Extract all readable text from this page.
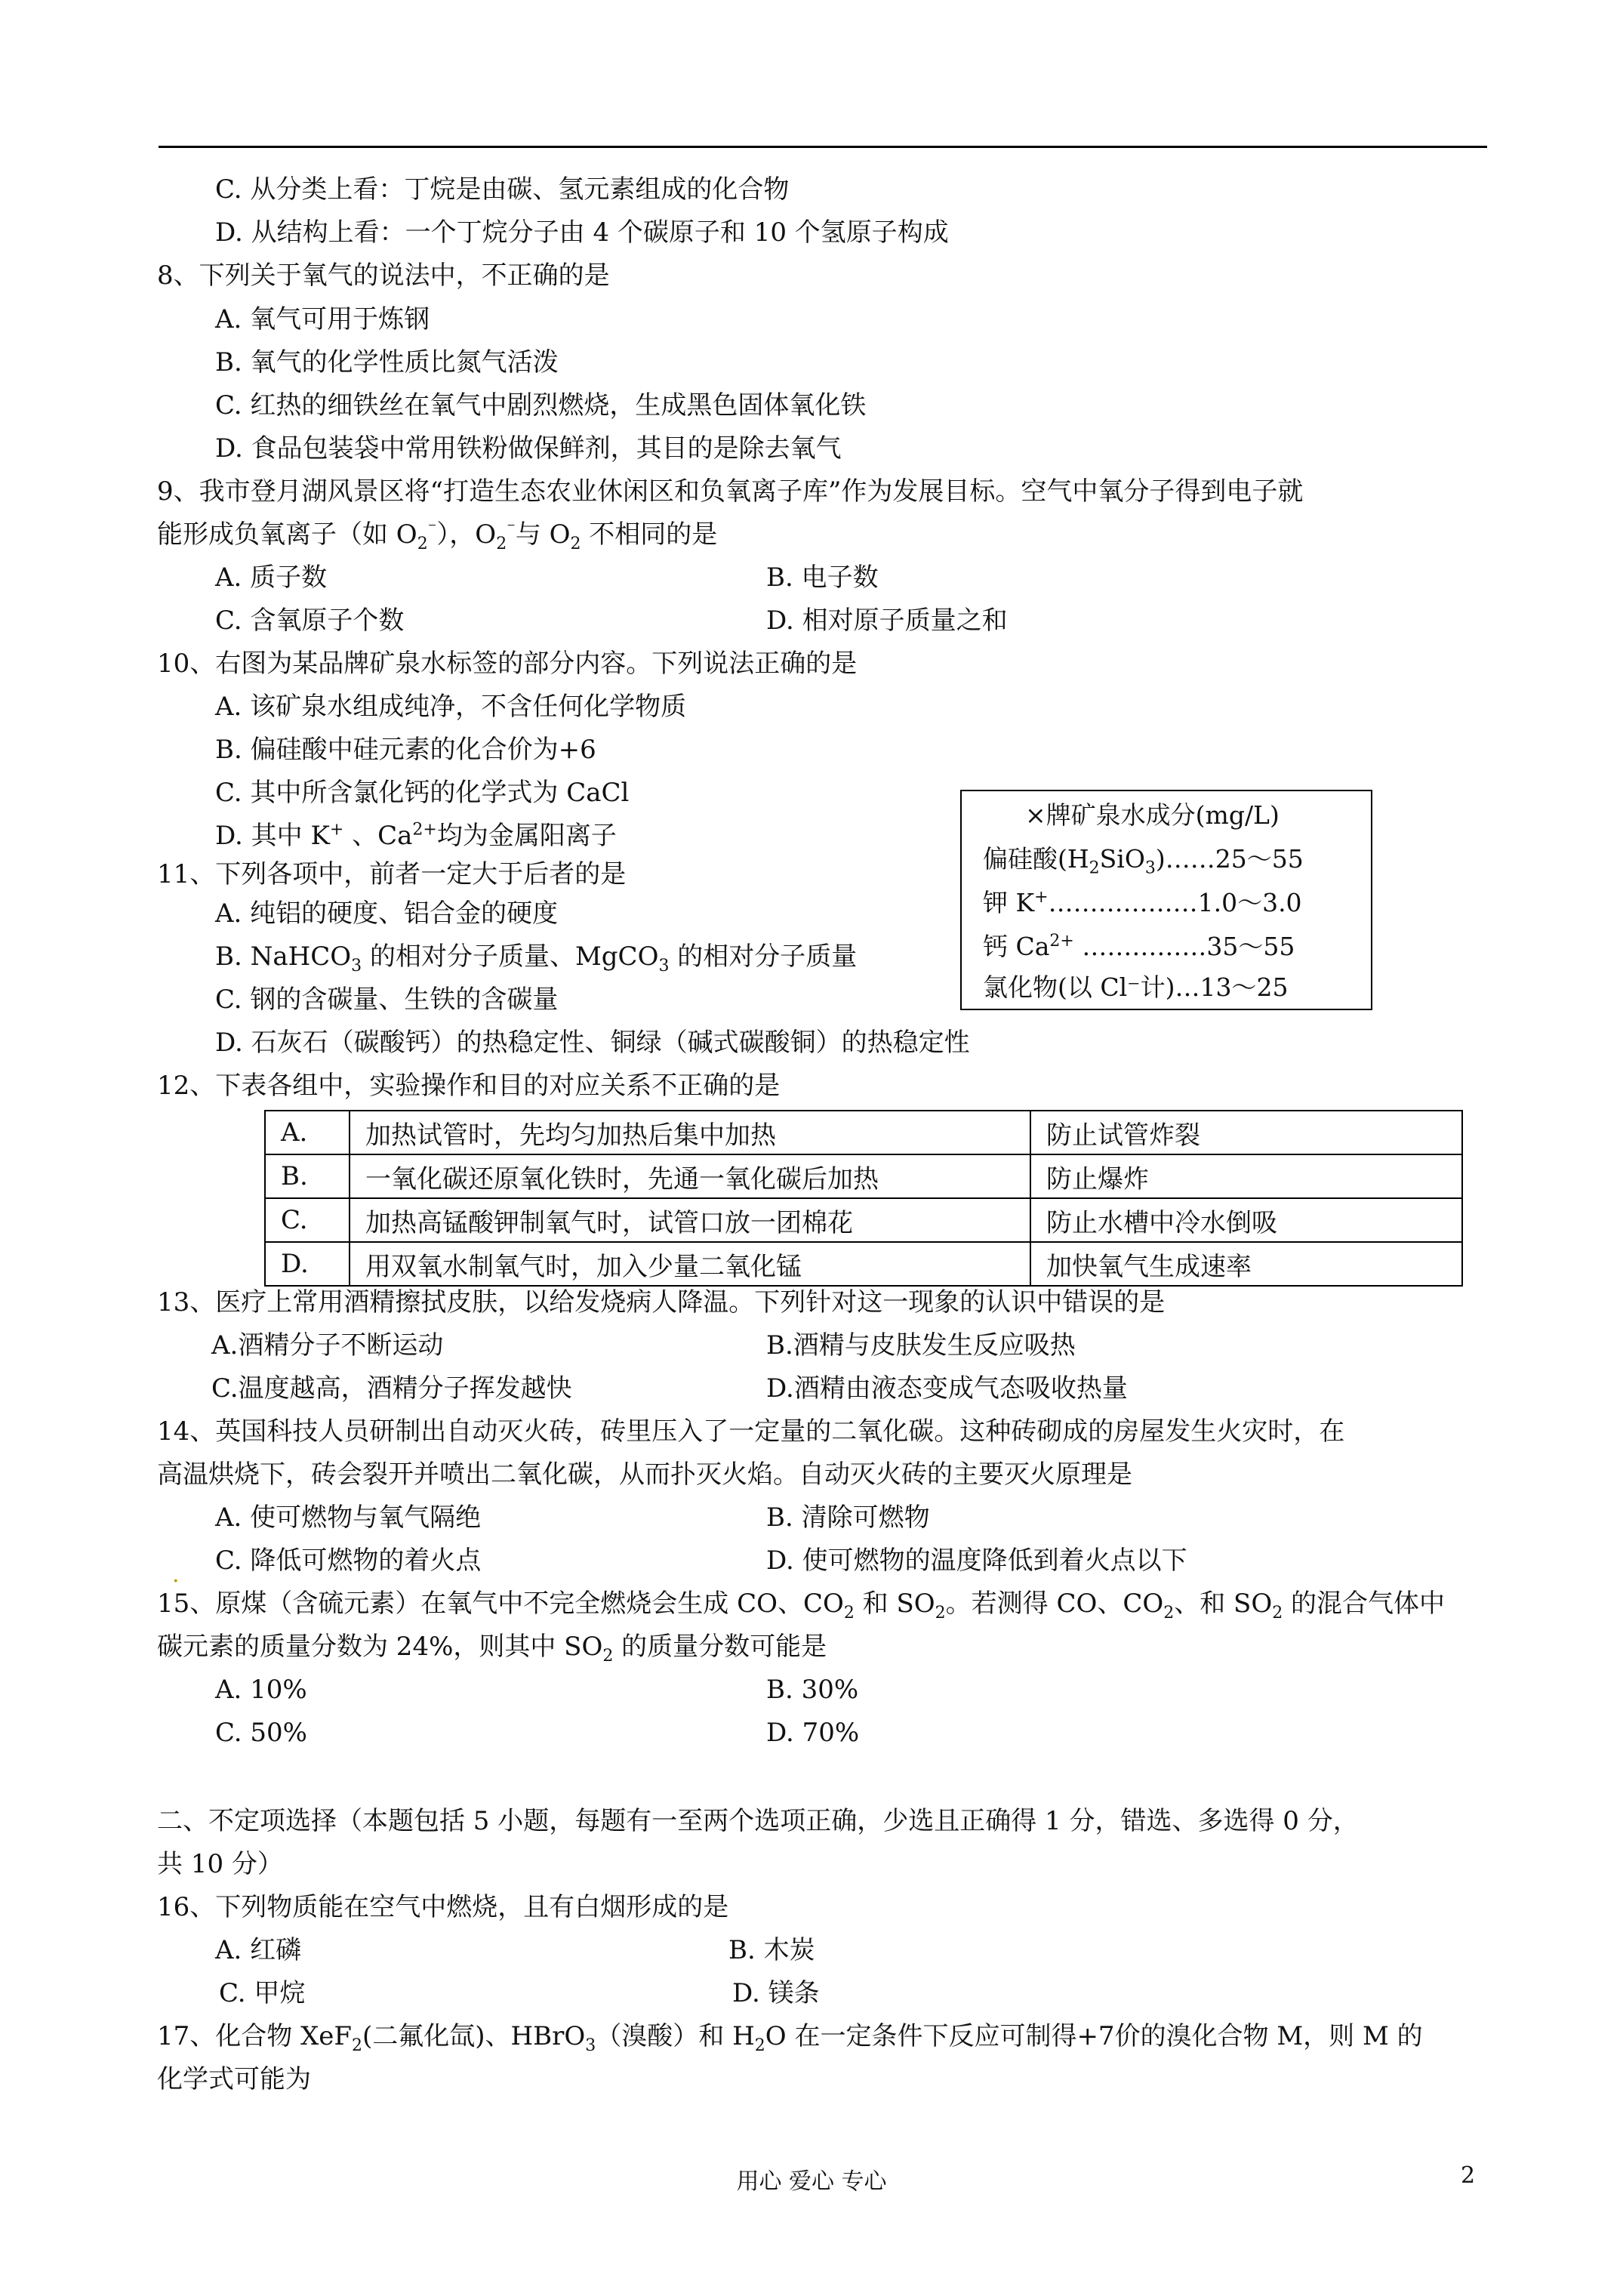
C. 从分类上看：丁烷是由碳、氢元素组成的化合物
D. 从结构上看：一个丁烷分子由 4 个碳原子和 10 个氢原子构成
8、下列关于氧气的说法中，不正确的是
A. 氧气可用于炼钢
B. 氧气的化学性质比氮气活泼
C. 红热的细铁丝在氧气中剧烈燃烧，生成黑色固体氧化铁
D. 食品包装袋中常用铁粉做保鲜剂，其目的是除去氧气
9、我市登月湖风景区将“打造生态农业休闲区和负氧离子库”作为发展目标。空气中氧分子得到电子就
能形成负氧离子（如 $O_2^{^-}$），$O_2^{^-}$与 $O_2$ 不相同的是
A. 质子数	B. 电子数
C. 含氧原子个数	D. 相对原子质量之和
10、右图为某品牌矿泉水标签的部分内容。下列说法正确的是
A. 该矿泉水组成纯净，不含任何化学物质
B. 偏硅酸中硅元素的化合价为+6
C. 其中所含氯化钙的化学式为 CaCl
D. 其中 K+ 、$Ca^{2+}$均为金属阳离子
×牌矿泉水成分(mg/L)
偏硅酸$(H_2SiO_3)\dots\dots 25\sim 55$
钾 K+………………1.0～3.0
钙 $Ca^{2+}$ ……………35～55
氯化物(以 Cl⁻计)…13～25
11、下列各项中，前者一定大于后者的是
A. 纯铝的硬度、铝合金的硬度
B. NaHCO$_3$ 的相对分子质量、MgCO$_3$ 的相对分子质量
C. 钢的含碳量、生铁的含碳量
D. 石灰石（碳酸钙）的热稳定性、铜绿（碱式碳酸铜）的热稳定性
12、下表各组中，实验操作和目的对应关系不正确的是
A.	加热试管时，先均匀加热后集中加热	防止试管炸裂
B.	一氧化碳还原氧化铁时，先通一氧化碳后加热	防止爆炸
C.	加热高锰酸钾制氧气时，试管口放一团棉花	防止水槽中冷水倒吸
D.	用双氧水制氧气时，加入少量二氧化锰	加快氧气生成速率
13、医疗上常用酒精擦拭皮肤，以给发烧病人降温。下列针对这一现象的认识中错误的是
A.酒精分子不断运动	B.酒精与皮肤发生反应吸热
C.温度越高，酒精分子挥发越快	D.酒精由液态变成气态吸收热量
14、英国科技人员研制出自动灭火砖，砖里压入了一定量的二氧化碳。这种砖砌成的房屋发生火灾时，在
高温烘烧下，砖会裂开并喷出二氧化碳，从而扑灭火焰。自动灭火砖的主要灭火原理是
A. 使可燃物与氧气隔绝	B. 清除可燃物
. C. 降低可燃物的着火点	D. 使可燃物的温度降低到着火点以下
15、原煤（含硫元素）在氧气中不完全燃烧会生成 CO、$CO_2$ 和 $SO_2$。若测得 CO、$CO_2$、和 $SO_2$ 的混合气体中
碳元素的质量分数为 24%，则其中 $SO_2$ 的质量分数可能是
A. 10%	B. 30%
C. 50%	D. 70%
二、不定项选择（本题包括 5 小题，每题有一至两个选项正确，少选且正确得 1 分，错选、多选得 0 分，
共 10 分）
16、下列物质能在空气中燃烧，且有白烟形成的是
A. 红磷	B. 木炭
C. 甲烷	D. 镁条
17、化合物 XeF$_2$(二氟化氙)、HBrO$_3$（溴酸）和 $H_2O$ 在一定条件下反应可制得+7价的溴化合物 M，则 M 的
化学式可能为
用心 爱心 专心	2
